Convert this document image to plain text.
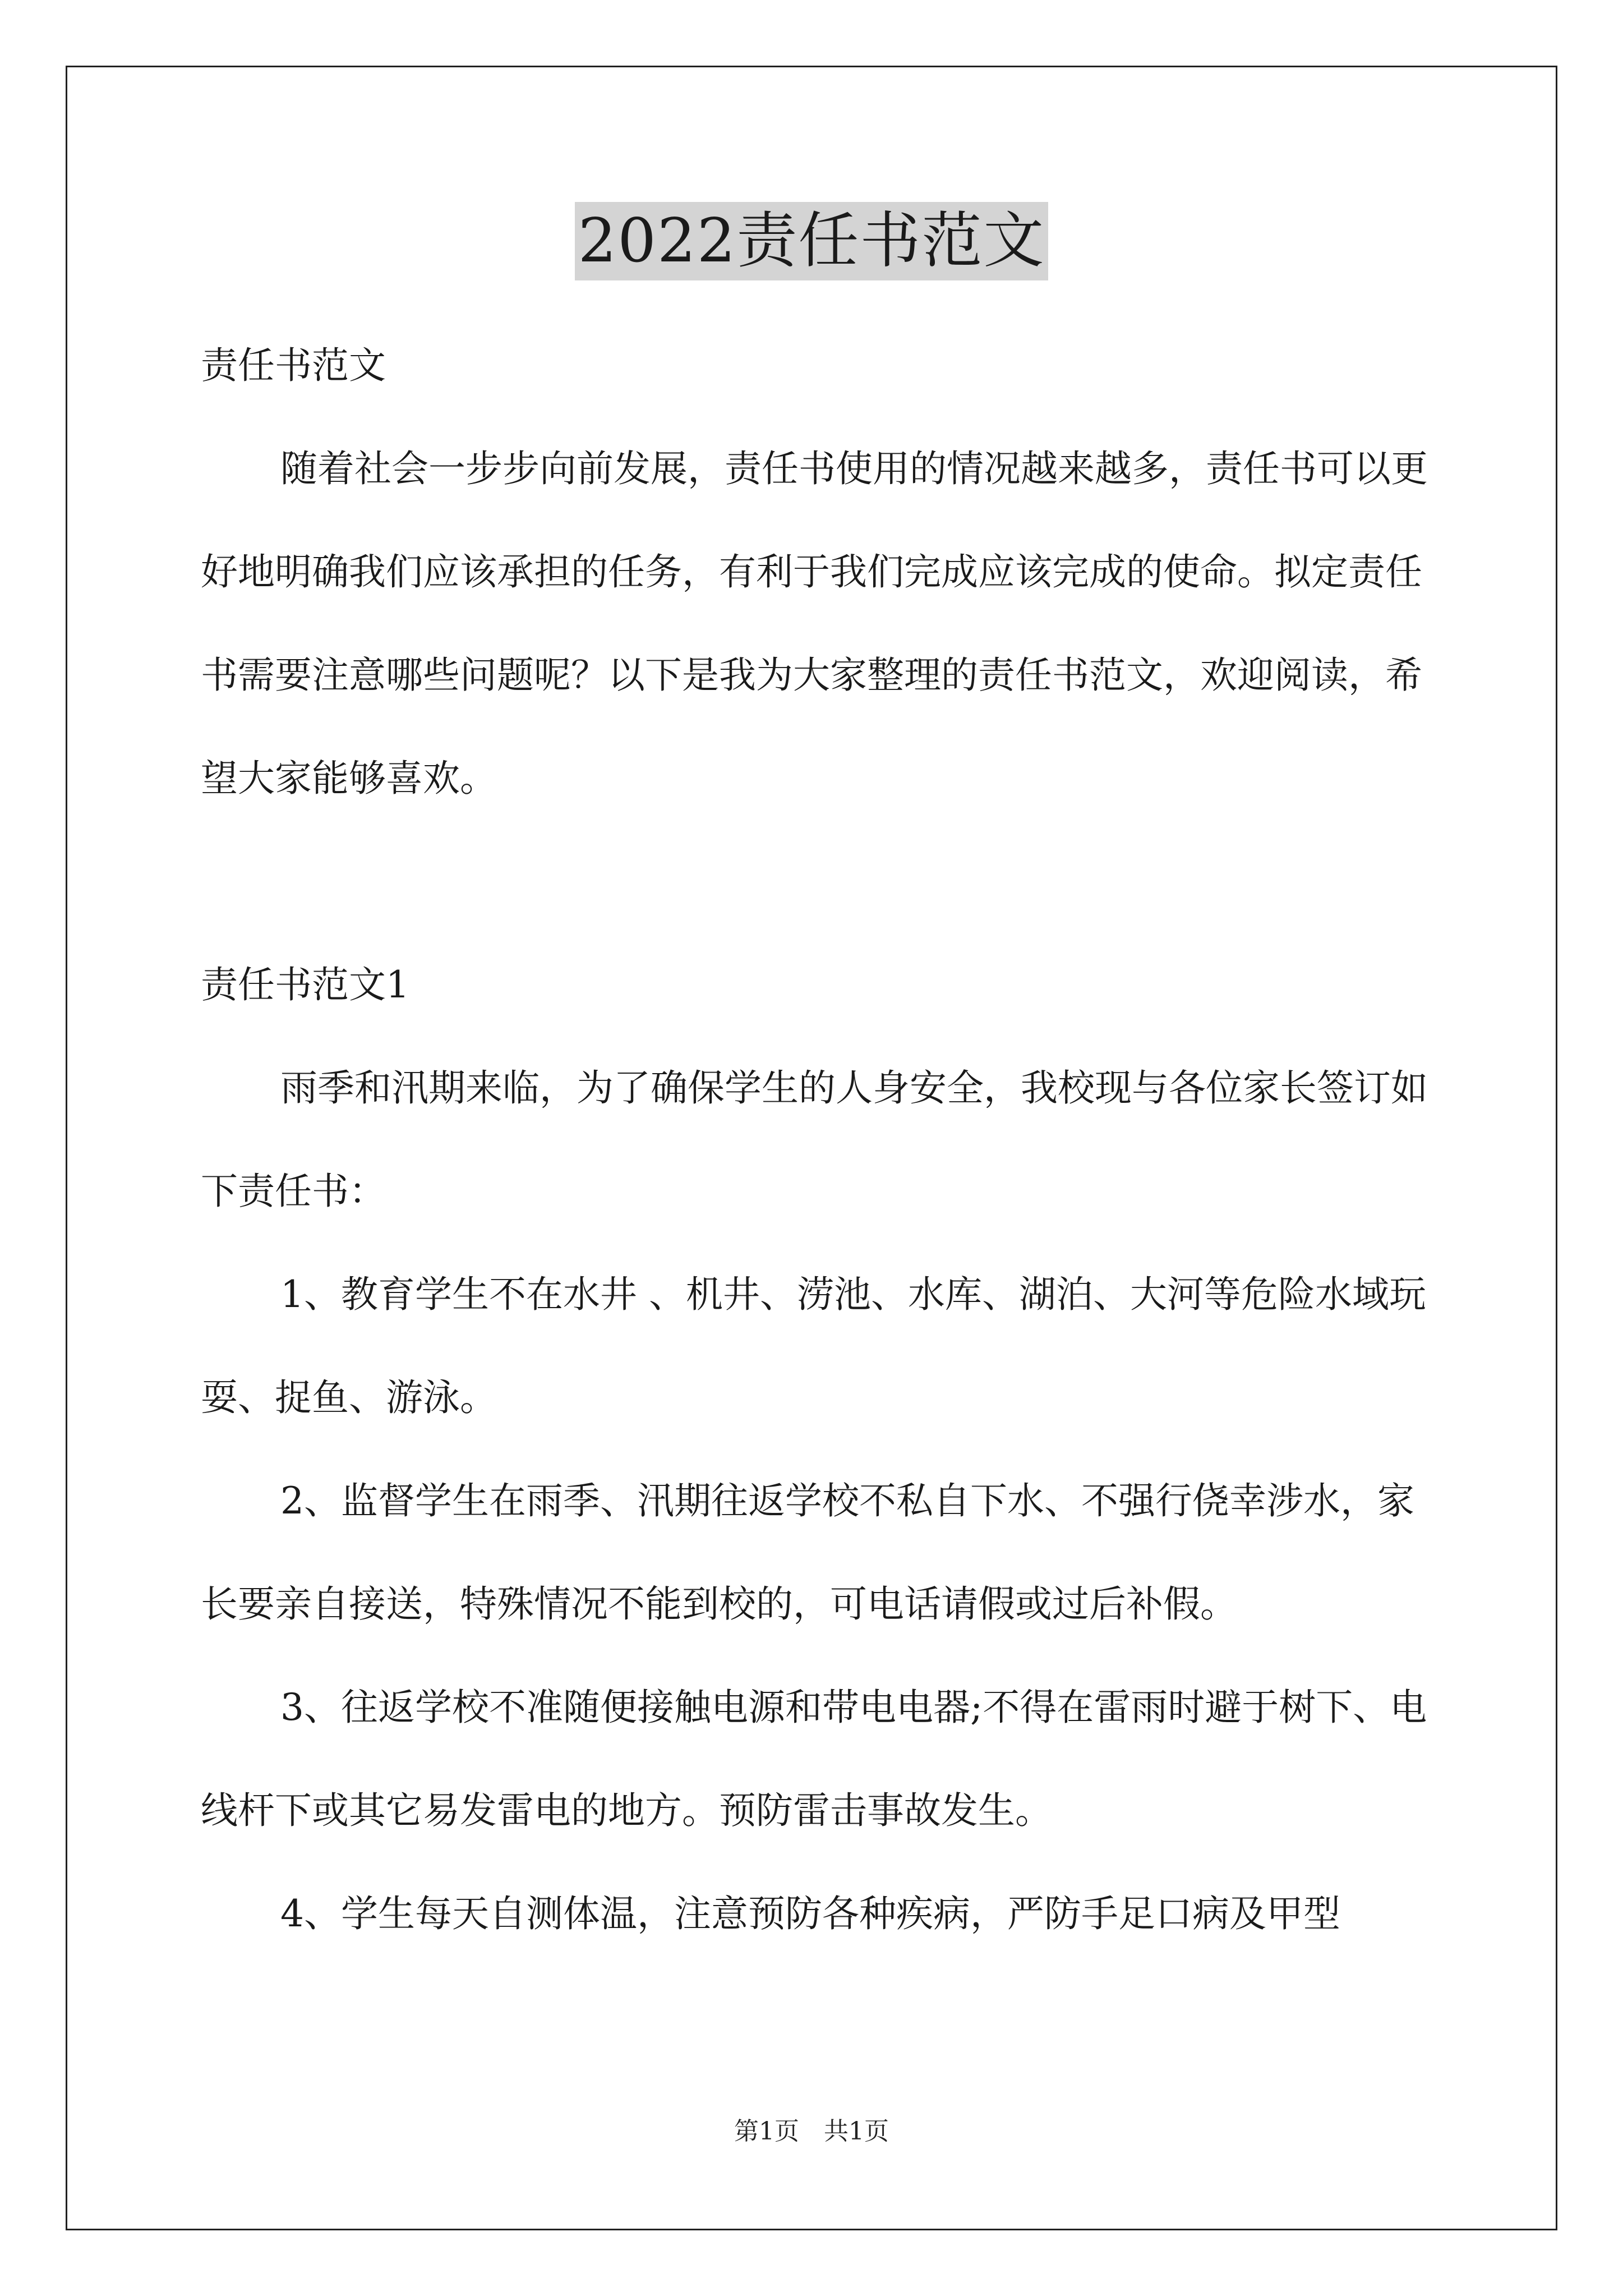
2022责任书范文

责任书范文

随着社会一步步向前发展，责任书使用的情况越来越多，责任书可以更好地明确我们应该承担的任务，有利于我们完成应该完成的使命。拟定责任书需要注意哪些问题呢？以下是我为大家整理的责任书范文，欢迎阅读，希望大家能够喜欢。

责任书范文1

雨季和汛期来临，为了确保学生的人身安全，我校现与各位家长签订如下责任书：

1、教育学生不在水井 、机井、涝池、水库、湖泊、大河等危险水域玩耍、捉鱼、游泳。

2、监督学生在雨季、汛期往返学校不私自下水、不强行侥幸涉水，家长要亲自接送，特殊情况不能到校的，可电话请假或过后补假。

3、往返学校不准随便接触电源和带电电器;不得在雷雨时避于树下、电线杆下或其它易发雷电的地方。预防雷击事故发生。

4、学生每天自测体温，注意预防各种疾病，严防手足口病及甲型

第1页 共1页
